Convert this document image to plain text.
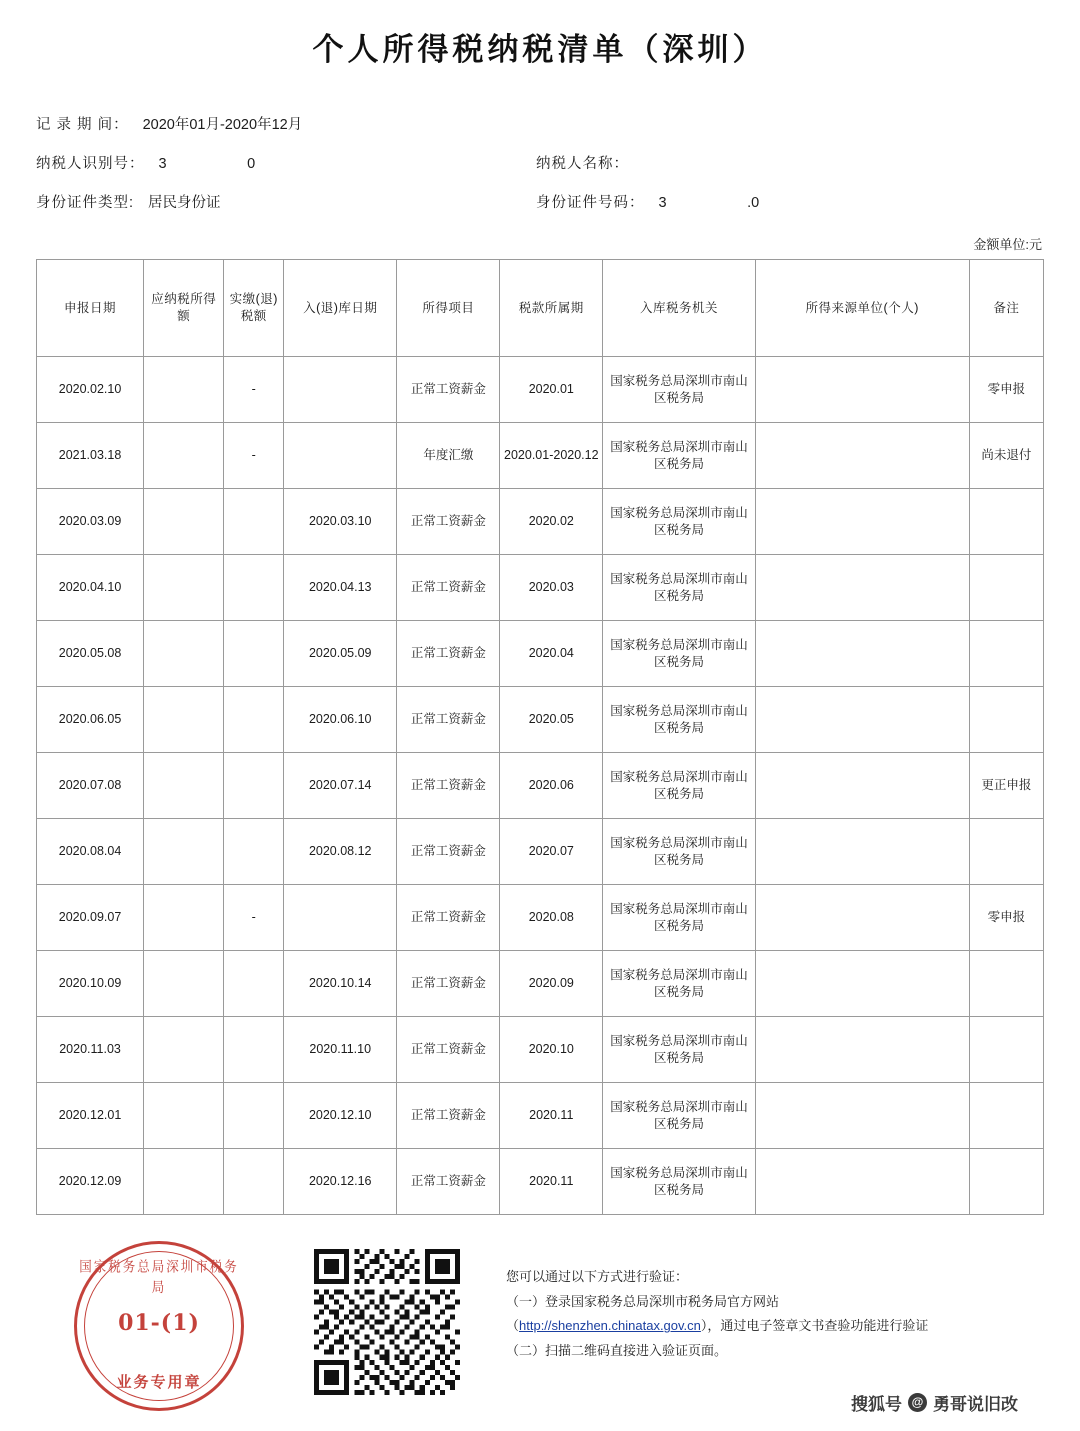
个人所得税纳税清单（深圳）
记 录 期 间： 2020年01月-2020年12月
纳税人识别号： 3                    0	纳税人名称：
身份证件类型: 居民身份证	身份证件号码： 3                    .0
金额单位:元
申报日期	应纳税所得额	实缴(退)税额	入(退)库日期	所得项目	税款所属期	入库税务机关	所得来源单位(个人)	备注
2020.02.10		-		正常工资薪金	2020.01	国家税务总局深圳市南山区税务局		零申报
2021.03.18		-		年度汇缴	2020.01-2020.12	国家税务总局深圳市南山区税务局		尚未退付
2020.03.09			2020.03.10	正常工资薪金	2020.02	国家税务总局深圳市南山区税务局		
2020.04.10			2020.04.13	正常工资薪金	2020.03	国家税务总局深圳市南山区税务局		
2020.05.08			2020.05.09	正常工资薪金	2020.04	国家税务总局深圳市南山区税务局		
2020.06.05			2020.06.10	正常工资薪金	2020.05	国家税务总局深圳市南山区税务局		
2020.07.08			2020.07.14	正常工资薪金	2020.06	国家税务总局深圳市南山区税务局		更正申报
2020.08.04			2020.08.12	正常工资薪金	2020.07	国家税务总局深圳市南山区税务局		
2020.09.07		-		正常工资薪金	2020.08	国家税务总局深圳市南山区税务局		零申报
2020.10.09			2020.10.14	正常工资薪金	2020.09	国家税务总局深圳市南山区税务局		
2020.11.03			2020.11.10	正常工资薪金	2020.10	国家税务总局深圳市南山区税务局		
2020.12.01			2020.12.10	正常工资薪金	2020.11	国家税务总局深圳市南山区税务局		
2020.12.09			2020.12.16	正常工资薪金	2020.11	国家税务总局深圳市南山区税务局		
国家税务总局深圳市税务局
01-(1)
业务专用章
您可以通过以下方式进行验证：
（一）登录国家税务总局深圳市税务局官方网站
（http://shenzhen.chinatax.gov.cn），通过电子签章文书查验功能进行验证
（二）扫描二维码直接进入验证页面。
搜狐号 @ 勇哥说旧改
